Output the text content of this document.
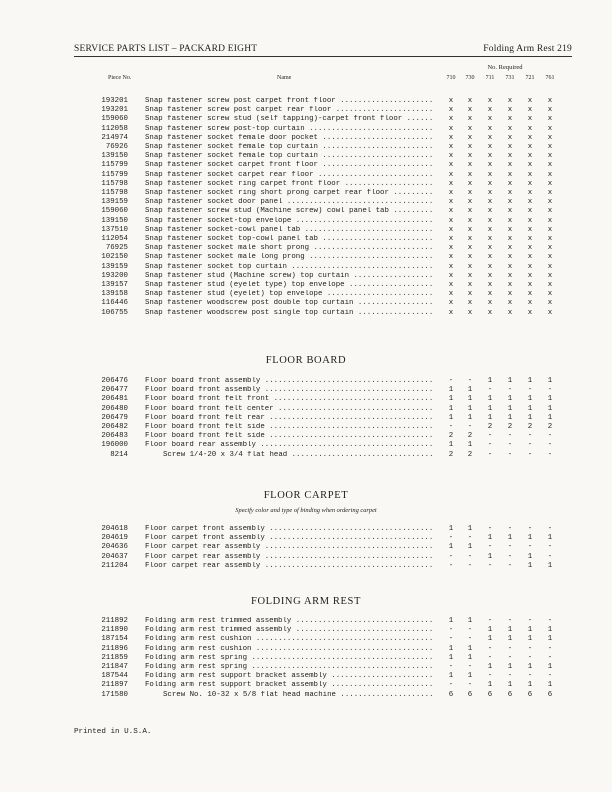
SERVICE PARTS LIST – PACKARD EIGHT	Folding Arm Rest 219
No. Required
Piece No.	Name	710	730	711	731	721	761
193201 Snap fastener screw post carpet front floor .....	x	x	x	x	x	x
193201 Snap fastener screw post carpet rear floor .....	x	x	x	x	x	x
159060 Snap fastener screw stud (self tapping)-carpet front floor .....	x	x	x	x	x	x
112058 Snap fastener screw post-top curtain .....	x	x	x	x	x	x
214974 Snap fastener socket female door pocket .....	x	x	x	x	x	x
76926 Snap fastener socket female top curtain .....	x	x	x	x	x	x
139150 Snap fastener socket female top curtain .....	x	x	x	x	x	x
115799 Snap fastener socket carpet front floor .....	x	x	x	x	x	x
115799 Snap fastener socket carpet rear floor .....	x	x	x	x	x	x
115798 Snap fastener socket ring carpet front floor .....	x	x	x	x	x	x
115798 Snap fastener socket ring short prong carpet rear floor .....	x	x	x	x	x	x
139159 Snap fastener socket door panel .....	x	x	x	x	x	x
159060 Snap fastener screw stud (Machine screw) cowl panel tab .....	x	x	x	x	x	x
139150 Snap fastener socket-top envelope .....	x	x	x	x	x	x
137510 Snap fastener socket-cowl panel tab .....	x	x	x	x	x	x
112054 Snap fastener socket top-cowl panel tab .....	x	x	x	x	x	x
76925 Snap fastener socket male short prong .....	x	x	x	x	x	x
102150 Snap fastener socket male long prong .....	x	x	x	x	x	x
139159 Snap fastener socket top curtain .....	x	x	x	x	x	x
193200 Snap fastener stud (Machine screw) top curtain .....	x	x	x	x	x	x
139157 Snap fastener stud (eyelet type) top envelope .....	x	x	x	x	x	x
139158 Snap fastener stud (eyelet) top envelope .....	x	x	x	x	x	x
116446 Snap fastener woodscrew post double top curtain .....	x	x	x	x	x	x
106755 Snap fastener woodscrew post single top curtain .....	x	x	x	x	x	x
FLOOR BOARD
206476 Floor board front assembly .....	-	-	1	1	1	1
206477 Floor board front assembly .....	1	1	-	-	-	-
206481 Floor board front felt front .....	1	1	1	1	1	1
206480 Floor board front felt center .....	1	1	1	1	1	1
206479 Floor board front felt rear .....	1	1	1	1	1	1
206482 Floor board front felt side .....	-	-	2	2	2	2
206483 Floor board front felt side .....	2	2	-	-	-	-
196000 Floor board rear assembly .....	1	1	-	-	-	-
8214	Screw 1/4-20 x 3/4 flat head .....	2	2	-	-	-	-
FLOOR CARPET
Specify color and type of binding when ordering carpet
204618 Floor carpet front assembly .....	1	1	-	-	-	-
204619 Floor carpet front assembly .....	-	-	1	1	1	1
204636 Floor carpet rear assembly .....	1	1	-	-	-	-
204637 Floor carpet rear assembly .....	-	-	1	-	1	-
211204 Floor carpet rear assembly .....	-	-	-	-	1	1
FOLDING ARM REST
211892 Folding arm rest trimmed assembly .....	1	1	-	-	-	-
211890 Folding arm rest trimmed assembly .....	-	-	1	1	1	1
187154 Folding arm rest cushion .....	-	-	1	1	1	1
211896 Folding arm rest cushion .....	1	1	-	-	-	-
211859 Folding arm rest spring .....	1	1	-	-	-	-
211847 Folding arm rest spring .....	-	-	1	1	1	1
187544 Folding arm rest support bracket assembly .....	1	1	-	-	-	-
211897 Folding arm rest support bracket assembly .....	-	-	1	1	1	1
171580	Screw No. 10-32 x 5/8 flat head machine .....	6	6	6	6	6	6
Printed in U.S.A.
